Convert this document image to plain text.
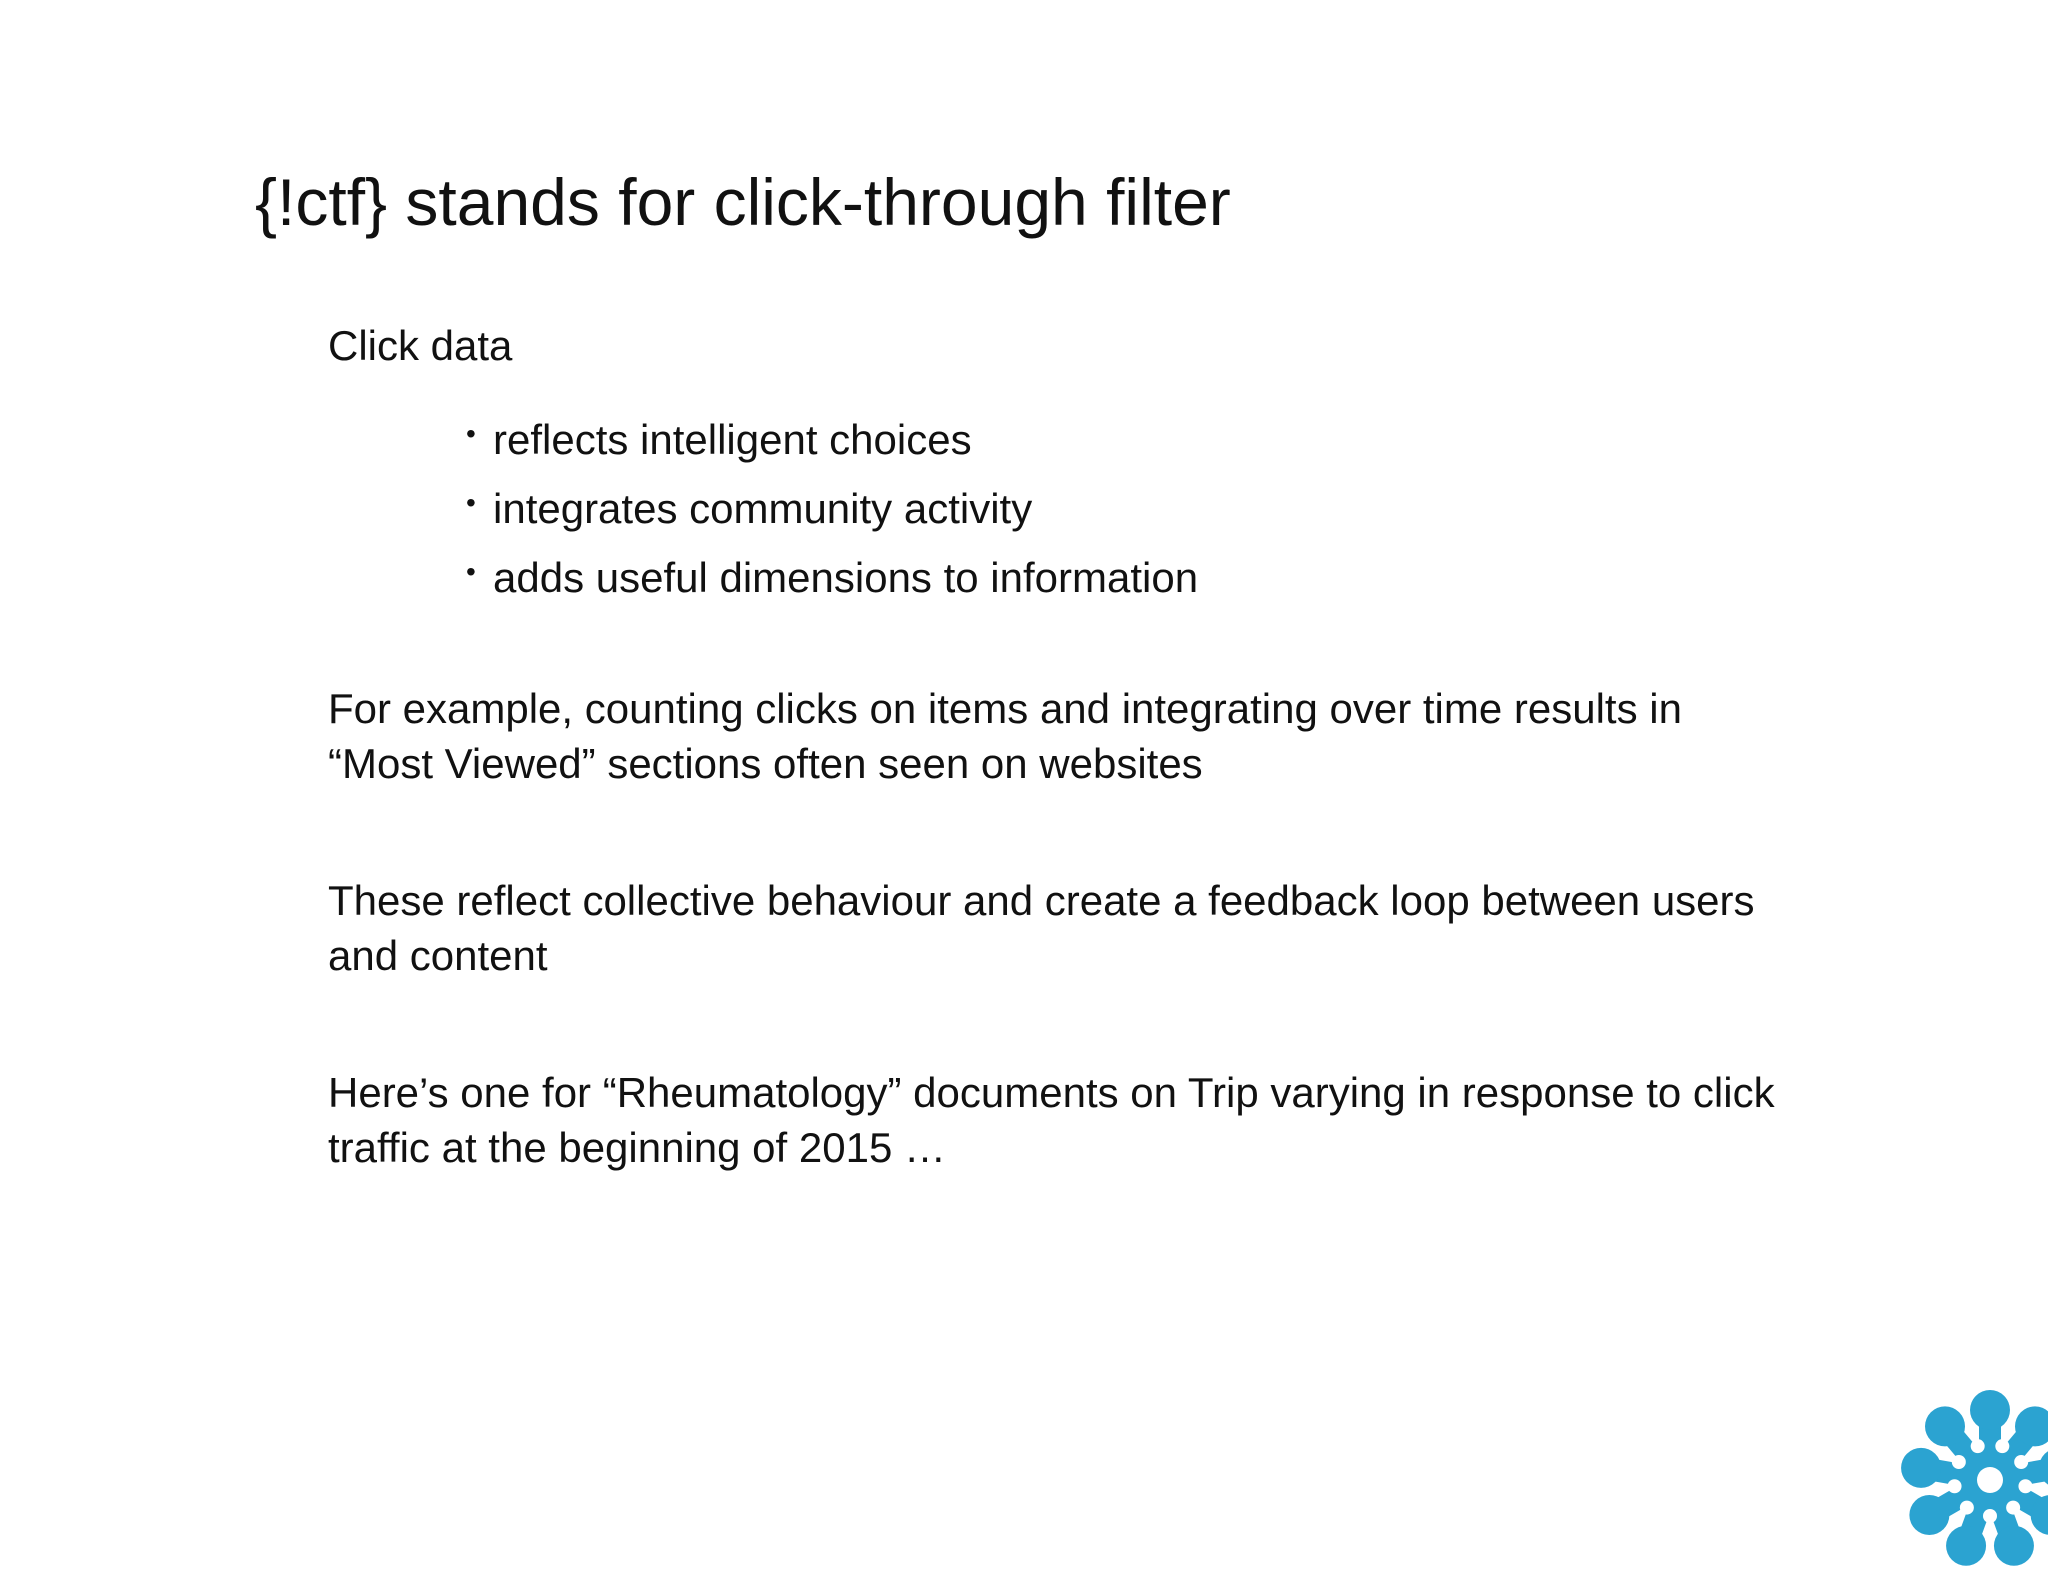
{!ctf} stands for click-through filter

Click data

• reflects intelligent choices
• integrates community activity
• adds useful dimensions to information

For example, counting clicks on items and integrating over time results in “Most Viewed” sections often seen on websites

These reflect collective behaviour and create a feedback loop between users and content

Here’s one for “Rheumatology” documents on Trip varying in response to click traffic at the beginning of 2015 …
